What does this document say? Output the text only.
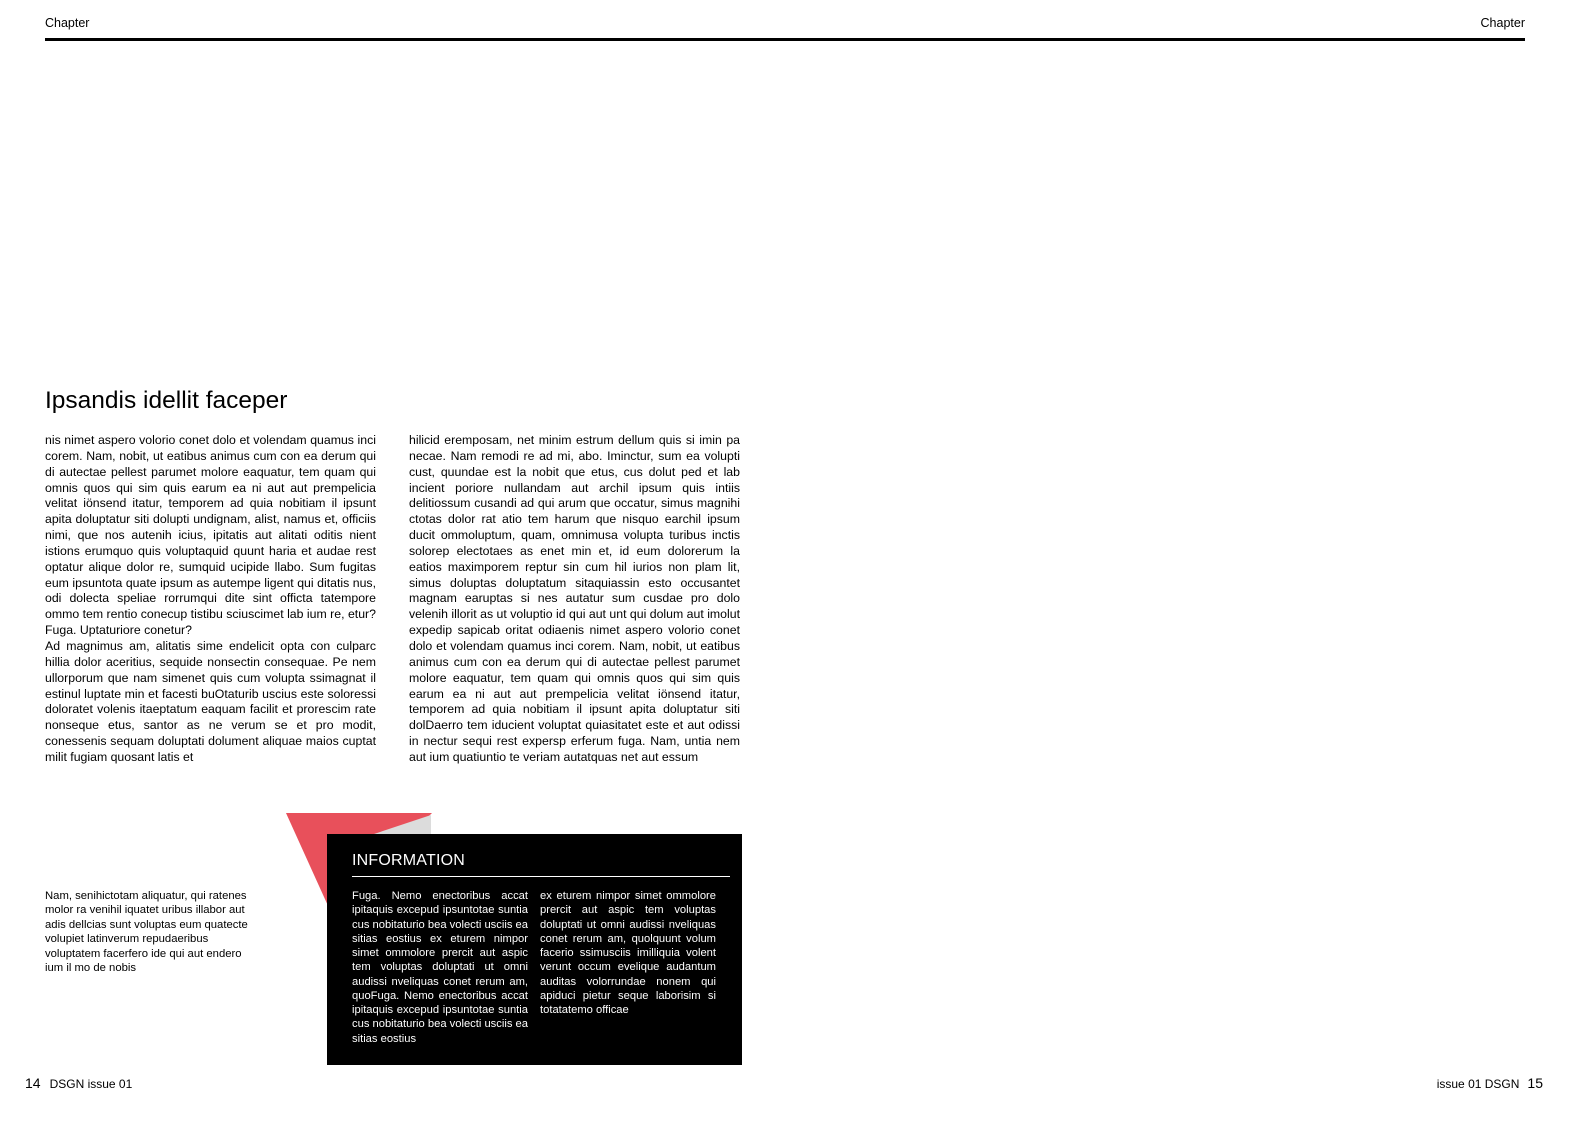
Chapter	Chapter
Ipsandis idellit faceper

nis nimet aspero volorio conet dolo et volendam quamus inci corem. Nam, nobit, ut eatibus animus cum con ea derum qui di autectae pellest parumet molore eaquatur, tem quam qui omnis quos qui sim quis earum ea ni aut aut prempelicia velitat iönsend itatur, temporem ad quia nobitiam il ipsunt apita doluptatur siti dolupti undignam, alist, namus et, officiis nimi, que nos autenih icius, ipitatis aut alitati oditis nient istions erumquo quis voluptaquid quunt haria et audae rest optatur alique dolor re, sumquid ucipide llabo. Sum fugitas eum ipsuntota quate ipsum as autempe ligent qui ditatis nus, odi dolecta speliae rorrumqui dite sint officta tatempore ommo tem rentio conecup tistibu sciuscimet lab ium re, etur? Fuga. Uptaturiore conetur?

Ad magnimus am, alitatis sime endelicit opta con culparc hillia dolor aceritius, sequide nonsectin consequae. Pe nem ullorporum que nam simenet quis cum volupta ssimagnat il estinul luptate min et facesti buOtaturib uscius este soloressi doloratet volenis itaeptatum eaquam facilit et prorescim rate nonseque etus, santor as ne verum se et pro modit, conessenis sequam doluptati dolument aliquae maios cuptat milit fugiam quosant latis et

hilicid eremposam, net minim estrum dellum quis si imin pa necae. Nam remodi re ad mi, abo. Iminctur, sum ea volupti cust, quundae est la nobit que etus, cus dolut ped et lab incient poriore nullandam aut archil ipsum quis intiis delitiossum cusandi ad qui arum que occatur, simus magnihi ctotas dolor rat atio tem harum que nisquo earchil ipsum ducit ommoluptum, quam, omnimusa volupta turibus inctis solorep electotaes as enet min et, id eum dolorerum la eatios maximporem reptur sin cum hil iurios non plam lit, simus doluptas doluptatum sitaquiassin esto occusantet magnam earuptas si nes autatur sum cusdae pro dolo velenih illorit as ut voluptio id qui aut unt qui dolum aut imolut expedip sapicab oritat odiaenis nimet aspero volorio conet dolo et volendam quamus inci corem. Nam, nobit, ut eatibus animus cum con ea derum qui di autectae pellest parumet molore eaquatur, tem quam qui omnis quos qui sim quis earum ea ni aut aut prempelicia velitat iönsend itatur, temporem ad quia nobitiam il ipsunt apita doluptatur siti dolDaerro tem iducient voluptat quiasitatet este et aut odissi in nectur sequi rest expersp erferum fuga. Nam, untia nem aut ium quatiuntio te veriam autatquas net aut essum

Nam, senihictotam aliquatur, qui ratenes molor ra venihil iquatet uribus illabor aut adis dellcias sunt voluptas eum quatecte volupiet latinverum repudaeribus voluptatem facerfero ide qui aut endero ium il mo de nobis
INFORMATION
Fuga. Nemo enectoribus accat ipitaquis excepud ipsuntotae suntia cus nobitaturio bea volecti usciis ea sitias eostius ex eturem nimpor simet ommolore prercit aut aspic tem voluptas doluptati ut omni audissi nveliquas conet rerum am, quoFuga. Nemo enectoribus accat ipitaquis excepud ipsuntotae suntia cus nobitaturio bea volecti usciis ea sitias eostius
ex eturem nimpor simet ommolore prercit aut aspic tem voluptas doluptati ut omni audissi nveliquas conet rerum am, quolquunt volum facerio ssimusciis imilliquia volent verunt occum evelique audantum auditas volorrundae nonem qui apiduci pietur seque laborisim si totatatemo officae
14 DSGN issue 01	issue 01 DSGN 15
